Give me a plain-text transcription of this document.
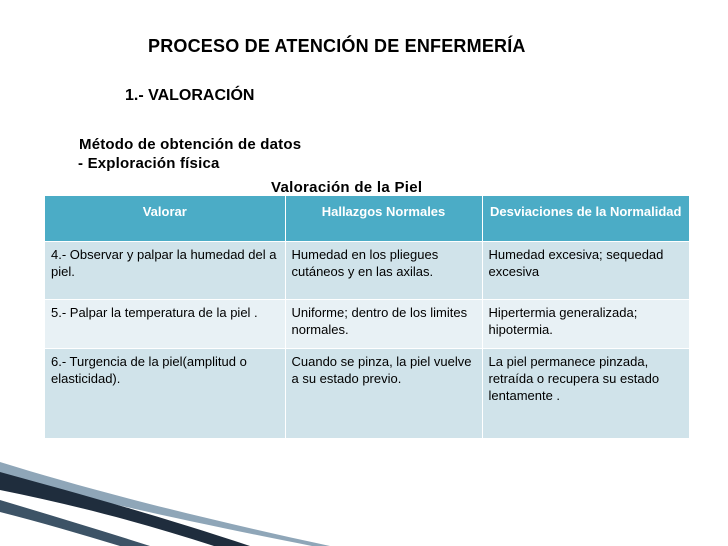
PROCESO DE ATENCIÓN DE ENFERMERÍA
1.- VALORACIÓN
Método de obtención de datos
- Exploración física
Valoración de la Piel
Valorar	Hallazgos Normales	Desviaciones de la Normalidad
4.- Observar y palpar la humedad del a piel.	Humedad en los pliegues cutáneos y en las axilas.	Humedad excesiva; sequedad excesiva
5.- Palpar la temperatura de la piel .	Uniforme; dentro de los limites normales.	Hipertermia generalizada; hipotermia.
6.- Turgencia de la piel(amplitud o elasticidad).	Cuando se pinza, la piel vuelve a su estado previo.	La piel permanece pinzada, retraída o recupera su estado lentamente .
